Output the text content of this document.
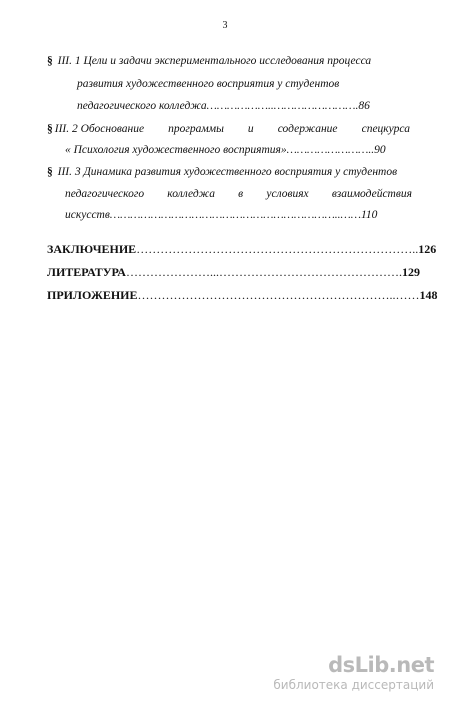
3
§ III. 1 Цели и задачи экспериментального исследования процесса
развития художественного восприятия у студентов
педагогического колледжа………………..…………………….86
§ III. 2 Обоснование программы и содержание спецкурса
« Психология художественного восприятия»……………………..90
§ III. 3 Динамика развития художественного восприятия у студентов
педагогического колледжа в условиях взаимодействия
искусств…………………………………………………………..……110
ЗАКЛЮЧЕНИЕ……………………………………………………………..126
ЛИТЕРАТУРА…………………...……………………………………….129
ПРИЛОЖЕНИЕ………………………………………………………..……148
dsLib.net
библиотека диссертаций
